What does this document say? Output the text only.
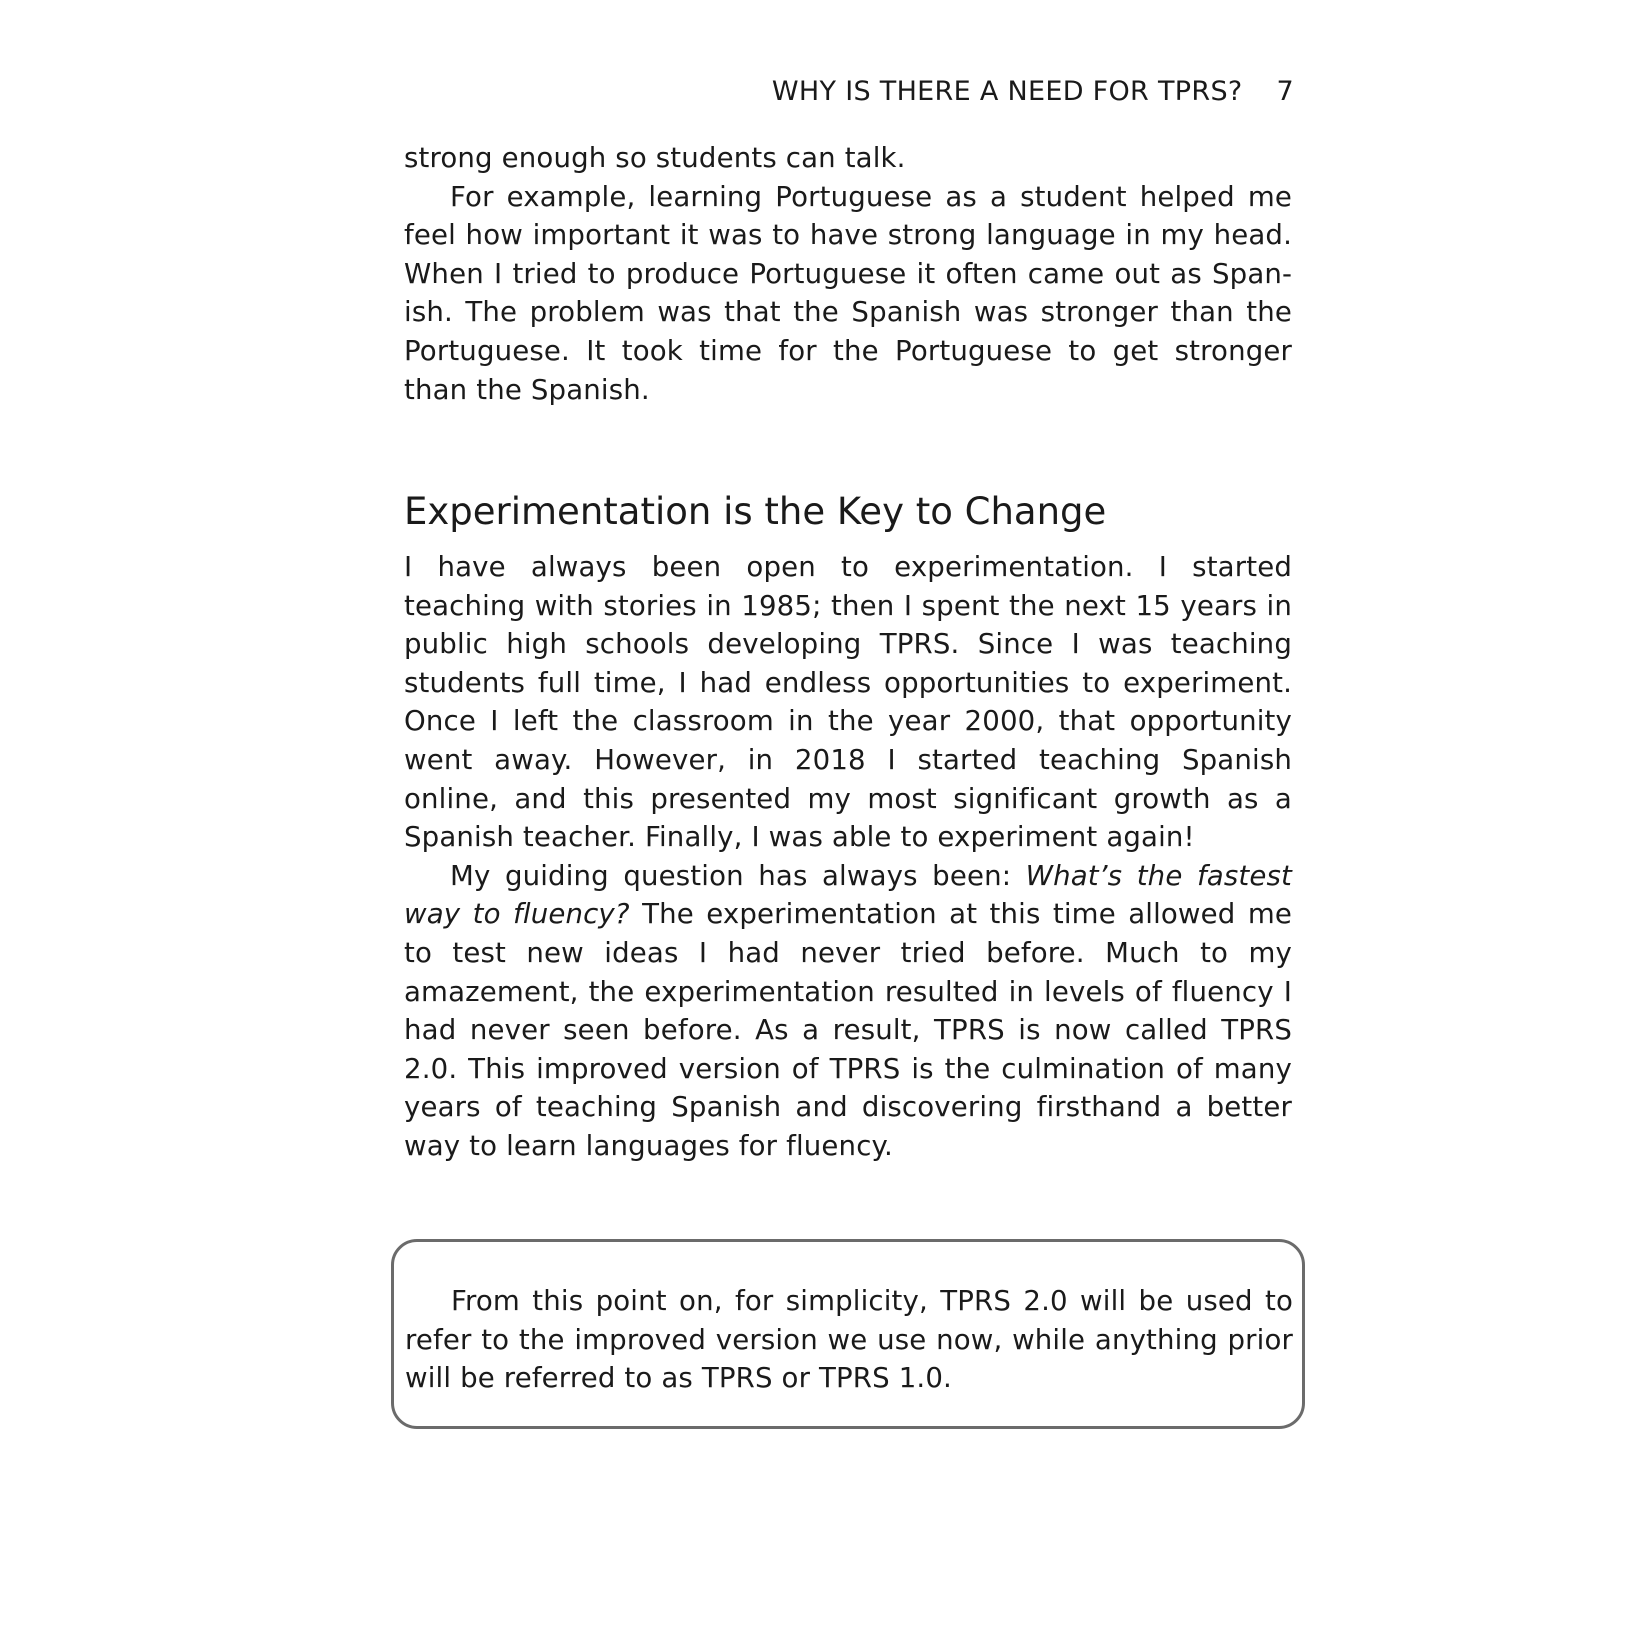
WHY IS THERE A NEED FOR TPRS? 7

strong enough so students can talk.

For example, learning Portuguese as a student helped me feel how important it was to have strong language in my head. When I tried to produce Portuguese it often came out as Spanish. The problem was that the Spanish was stronger than the Portuguese. It took time for the Portuguese to get stronger than the Spanish.

Experimentation is the Key to Change

I have always been open to experimentation. I started teaching with stories in 1985; then I spent the next 15 years in public high schools developing TPRS. Since I was teaching students full time, I had endless opportunities to experiment. Once I left the classroom in the year 2000, that opportunity went away. However, in 2018 I started teaching Spanish online, and this presented my most significant growth as a Spanish teacher. Finally, I was able to experiment again!

My guiding question has always been: What’s the fastest way to fluency? The experimentation at this time allowed me to test new ideas I had never tried before. Much to my amazement, the experimentation resulted in levels of fluency I had never seen before. As a result, TPRS is now called TPRS 2.0. This improved version of TPRS is the culmination of many years of teaching Spanish and discovering firsthand a better way to learn languages for fluency.

From this point on, for simplicity, TPRS 2.0 will be used to refer to the improved version we use now, while anything prior will be referred to as TPRS or TPRS 1.0.
